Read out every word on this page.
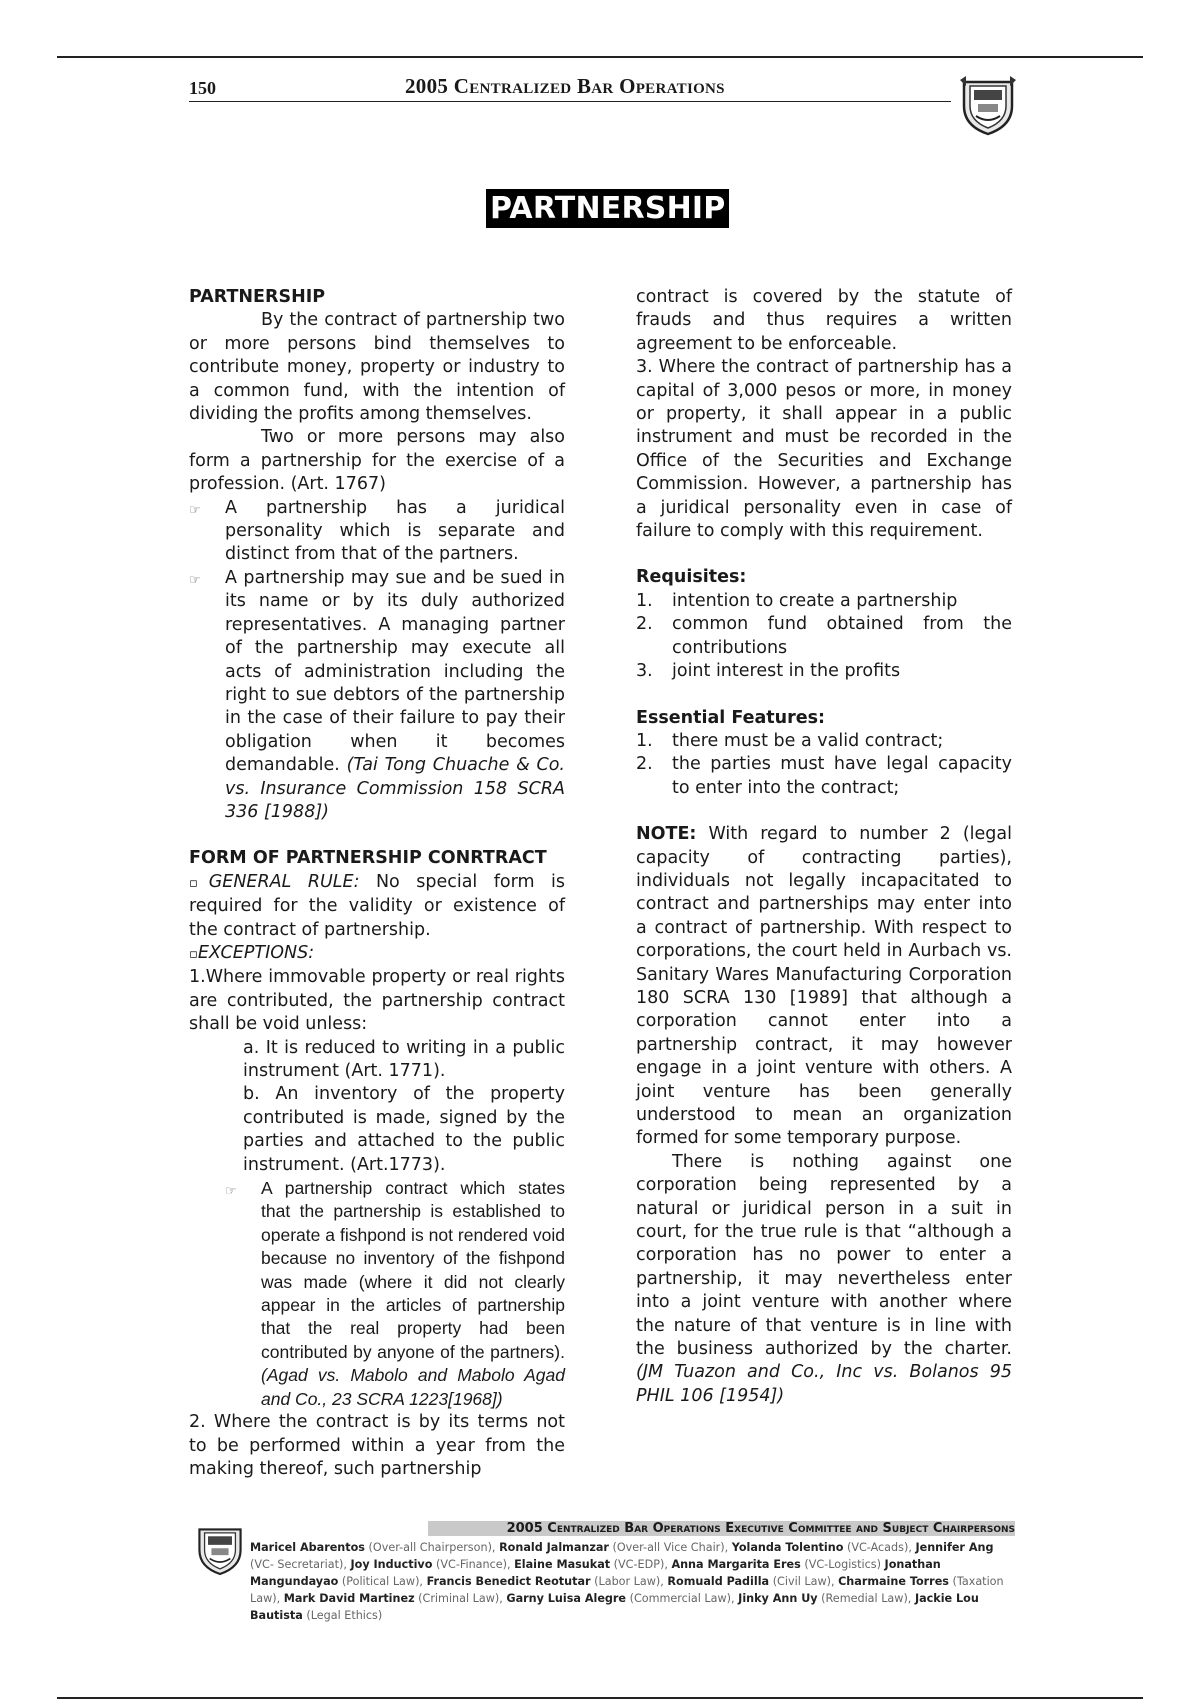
150	2005 Centralized Bar Operations
PARTNERSHIP

PARTNERSHIP

By the contract of partnership two or more persons bind themselves to contribute money, property or industry to a common fund, with the intention of dividing the profits among themselves.

Two or more persons may also form a partnership for the exercise of a profession. (Art. 1767)

☞	A partnership has a juridical personality which is separate and distinct from that of the partners.
☞	A partnership may sue and be sued in its name or by its duly authorized representatives. A managing partner of the partnership may execute all acts of administration including the right to sue debtors of the partnership in the case of their failure to pay their obligation when it becomes demandable. (Tai Tong Chuache & Co. vs. Insurance Commission 158 SCRA 336 [1988])

FORM OF PARTNERSHIP CONRTRACT

▫GENERAL RULE: No special form is required for the validity or existence of the contract of partnership.

▫EXCEPTIONS:

1.Where immovable property or real rights are contributed, the partnership contract shall be void unless:

a. It is reduced to writing in a public instrument (Art. 1771).

b. An inventory of the property contributed is made, signed by the parties and attached to the public instrument. (Art.1773).

☞	A partnership contract which states that the partnership is established to operate a fishpond is not rendered void because no inventory of the fishpond was made (where it did not clearly appear in the articles of partnership that the real property had been contributed by anyone of the partners). (Agad vs. Mabolo and Mabolo Agad and Co., 23 SCRA 1223[1968])

2. Where the contract is by its terms not to be performed within a year from the making thereof, such partnership

contract is covered by the statute of frauds and thus requires a written agreement to be enforceable.

3. Where the contract of partnership has a capital of 3,000 pesos or more, in money or property, it shall appear in a public instrument and must be recorded in the Office of the Securities and Exchange Commission. However, a partnership has a juridical personality even in case of failure to comply with this requirement.

Requisites:

1.	intention to create a partnership
2.	common fund obtained from the contributions
3.	joint interest in the profits

Essential Features:

1.	there must be a valid contract;
2.	the parties must have legal capacity to enter into the contract;

NOTE: With regard to number 2 (legal capacity of contracting parties), individuals not legally incapacitated to contract and partnerships may enter into a contract of partnership. With respect to corporations, the court held in Aurbach vs. Sanitary Wares Manufacturing Corporation 180 SCRA 130 [1989] that although a corporation cannot enter into a partnership contract, it may however engage in a joint venture with others. A joint venture has been generally understood to mean an organization formed for some temporary purpose.

There is nothing against one corporation being represented by a natural or juridical person in a suit in court, for the true rule is that “although a corporation has no power to enter a partnership, it may nevertheless enter into a joint venture with another where the nature of that venture is in line with the business authorized by the charter. (JM Tuazon and Co., Inc vs. Bolanos 95 PHIL 106 [1954])

2005 Centralized Bar Operations Executive Committee and Subject Chairpersons
Maricel Abarentos (Over-all Chairperson), Ronald Jalmanzar (Over-all Vice Chair), Yolanda Tolentino (VC-Acads), Jennifer Ang (VC- Secretariat), Joy Inductivo (VC-Finance), Elaine Masukat (VC-EDP), Anna Margarita Eres (VC-Logistics) Jonathan Mangundayao (Political Law), Francis Benedict Reotutar (Labor Law), Romuald Padilla (Civil Law), Charmaine Torres (Taxation Law), Mark David Martinez (Criminal Law), Garny Luisa Alegre (Commercial Law), Jinky Ann Uy (Remedial Law), Jackie Lou Bautista (Legal Ethics)
